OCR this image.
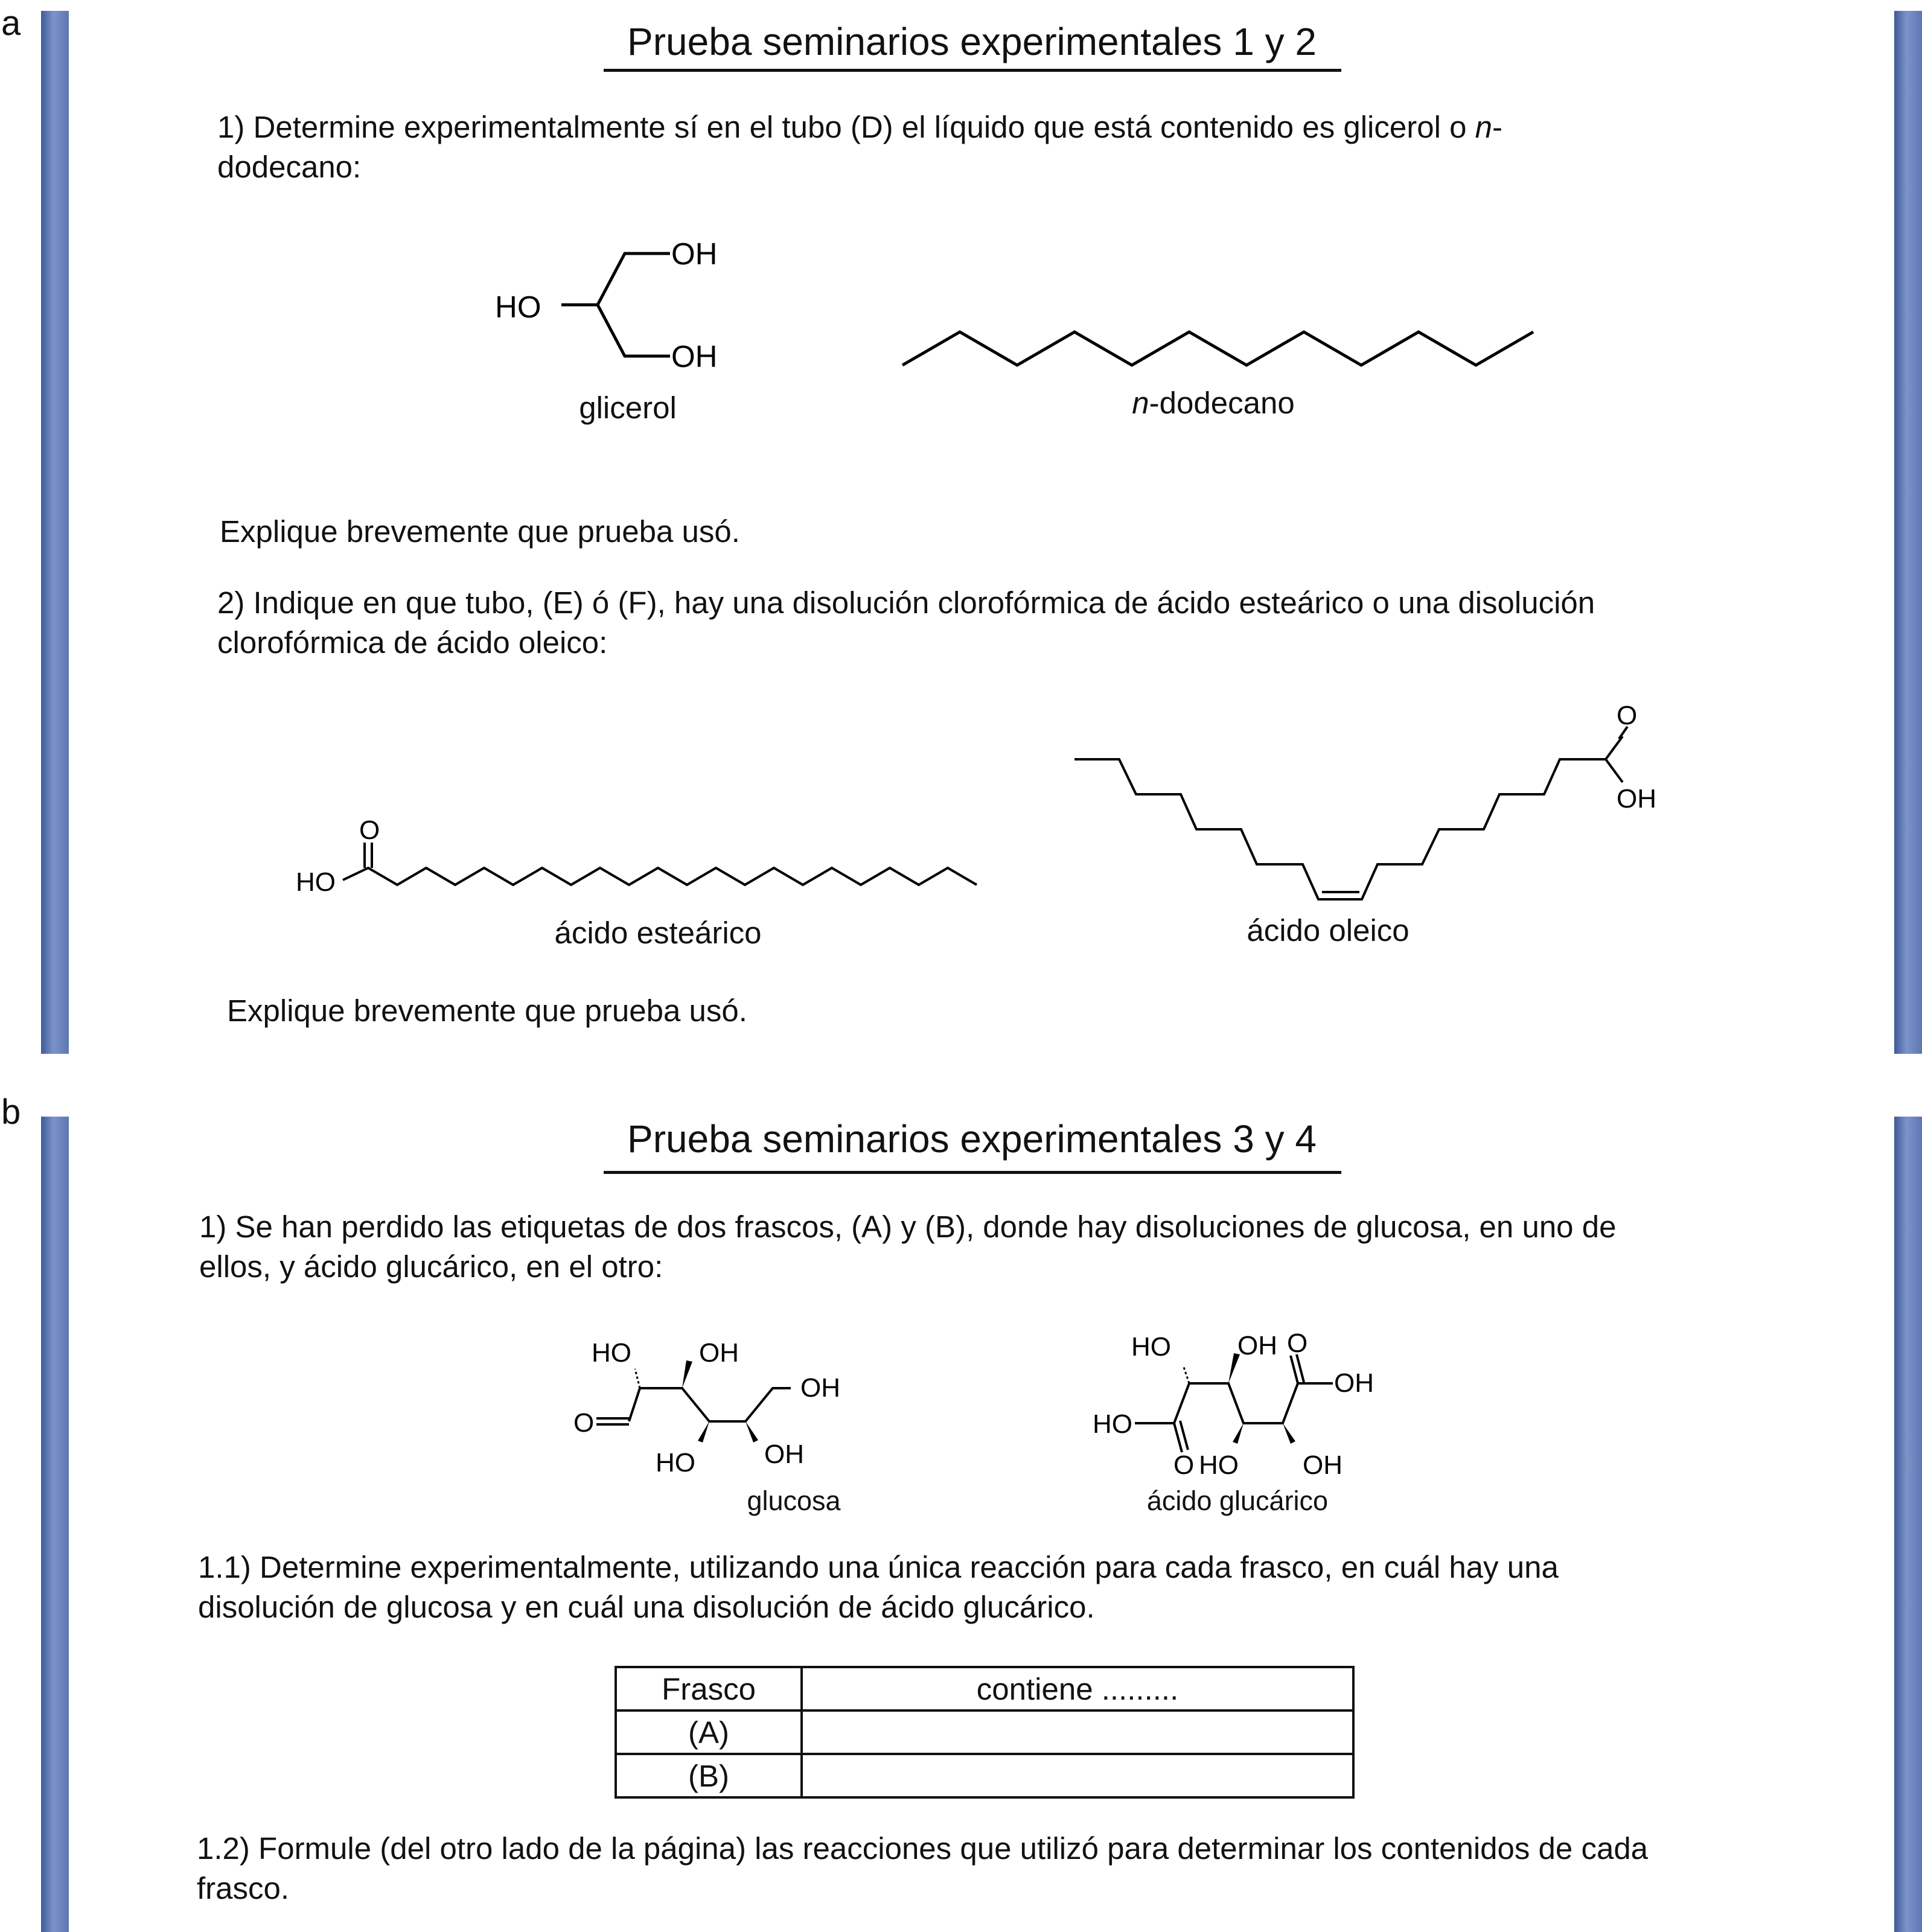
a	Prueba seminarios experimentales 1 y 2

1) Determine experimentalmente sí en el tubo (D) el líquido que está contenido es glicerol o n-dodecano:

HO
OH
OH
glicerol	n-dodecano
Explique brevemente que prueba usó.

2) Indique en que tubo, (E) ó (F), hay una disolución clorofórmica de ácido esteárico o una disolución clorofórmica de ácido oleico:

O
HO
ácido esteárico
O
OH
ácido oleico
Explique brevemente que prueba usó.
b
Prueba seminarios experimentales 3 y 4

1) Se han perdido las etiquetas de dos frascos, (A) y (B), donde hay disoluciones de glucosa, en uno de ellos, y ácido glucárico, en el otro:

HO	OH
OH
O
HO	OH
glucosa
HO	OH O
OH
HO
O HO OH
ácido glucárico

1.1) Determine experimentalmente, utilizando una única reacción para cada frasco, en cuál hay una disolución de glucosa y en cuál una disolución de ácido glucárico.

Frasco	contiene .........
(A)	
(B)	

1.2) Formule (del otro lado de la página) las reacciones que utilizó para determinar los contenidos de cada frasco.
